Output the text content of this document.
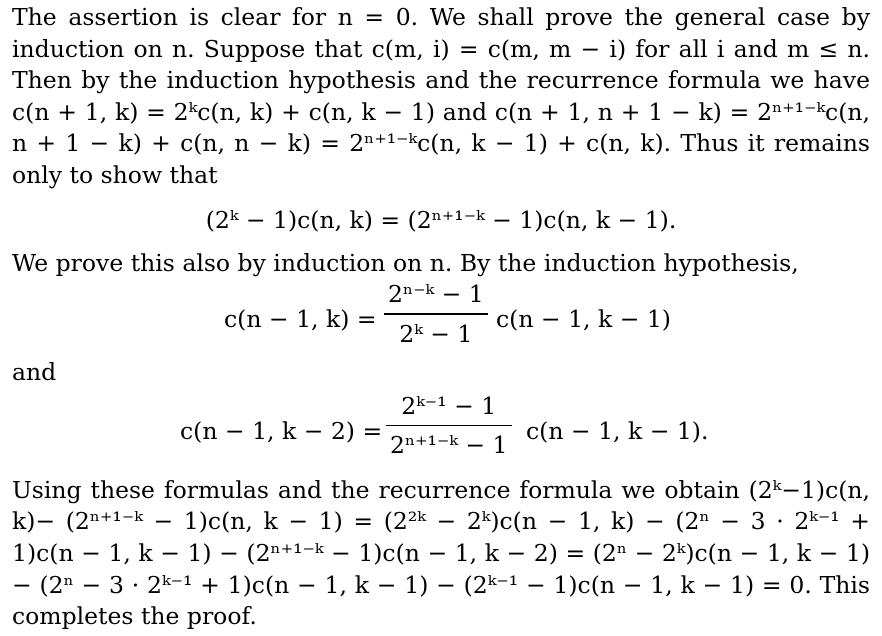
The assertion is clear for n = 0. We shall prove the general case by induction on n. Suppose that c(m, i) = c(m, m − i) for all i and m ≤ n. Then by the induction hypothesis and the recurrence formula we have c(n + 1, k) = 2ᵏc(n, k) + c(n, k − 1) and c(n + 1, n + 1 − k) = 2ⁿ⁺¹⁻ᵏc(n, n + 1 − k) + c(n, n − k) = 2ⁿ⁺¹⁻ᵏc(n, k − 1) + c(n, k). Thus it remains only to show that

(2ᵏ − 1)c(n, k) = (2ⁿ⁺¹⁻ᵏ − 1)c(n, k − 1).

We prove this also by induction on n. By the induction hypothesis,

c(n − 1, k) =
2ⁿ⁻ᵏ − 1
2ᵏ − 1
c(n − 1, k − 1)

and

c(n − 1, k − 2) =
2ᵏ⁻¹ − 1
2ⁿ⁺¹⁻ᵏ − 1
c(n − 1, k − 1).

Using these formulas and the recurrence formula we obtain (2ᵏ−1)c(n, k)− (2ⁿ⁺¹⁻ᵏ − 1)c(n, k − 1) = (2²ᵏ − 2ᵏ)c(n − 1, k) − (2ⁿ − 3 · 2ᵏ⁻¹ + 1)c(n − 1, k − 1) − (2ⁿ⁺¹⁻ᵏ − 1)c(n − 1, k − 2) = (2ⁿ − 2ᵏ)c(n − 1, k − 1) − (2ⁿ − 3 · 2ᵏ⁻¹ + 1)c(n − 1, k − 1) − (2ᵏ⁻¹ − 1)c(n − 1, k − 1) = 0. This completes the proof.
